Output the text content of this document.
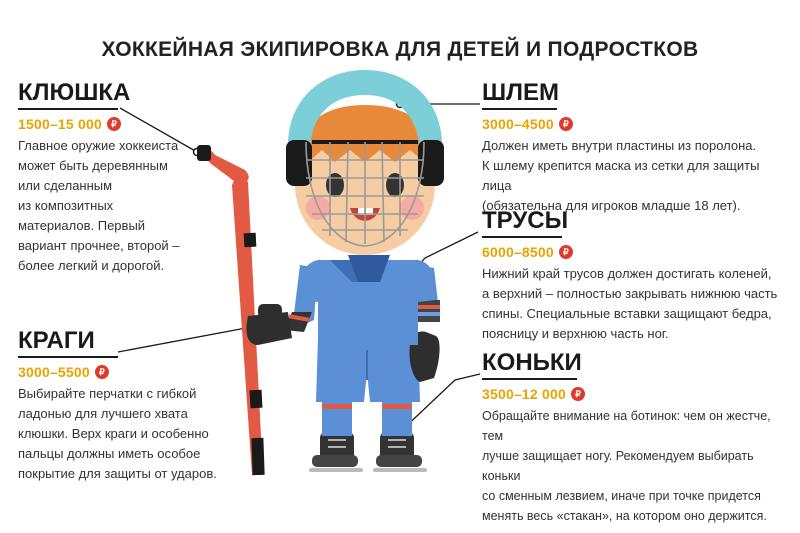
ХОККЕЙНАЯ ЭКИПИРОВКА ДЛЯ ДЕТЕЙ И ПОДРОСТКОВ
КЛЮШКА
1500–15 000	₽
Главное оружие хоккеиста
может быть деревянным
или сделанным
из композитных
материалов. Первый
вариант прочнее, второй –
более легкий и дорогой.
КРАГИ
3000–5500	₽
Выбирайте перчатки с гибкой
ладонью для лучшего хвата
клюшки. Верх краги и особенно
пальцы должны иметь особое
покрытие для защиты от ударов.
ШЛЕМ
3000–4500	₽
Должен иметь внутри пластины из поролона.
К шлему крепится маска из сетки для защиты лица
(обязательна для игроков младше 18 лет).
ТРУСЫ
6000–8500	₽
Нижний край трусов должен достигать коленей,
а верхний – полностью закрывать нижнюю часть
спины. Специальные вставки защищают бедра,
поясницу и верхнюю часть ног.
КОНЬКИ
3500–12 000	₽
Обращайте внимание на ботинок: чем он жестче, тем
лучше защищает ногу. Рекомендуем выбирать коньки
со сменным лезвием, иначе при точке придется
менять весь «стакан», на котором оно держится.
